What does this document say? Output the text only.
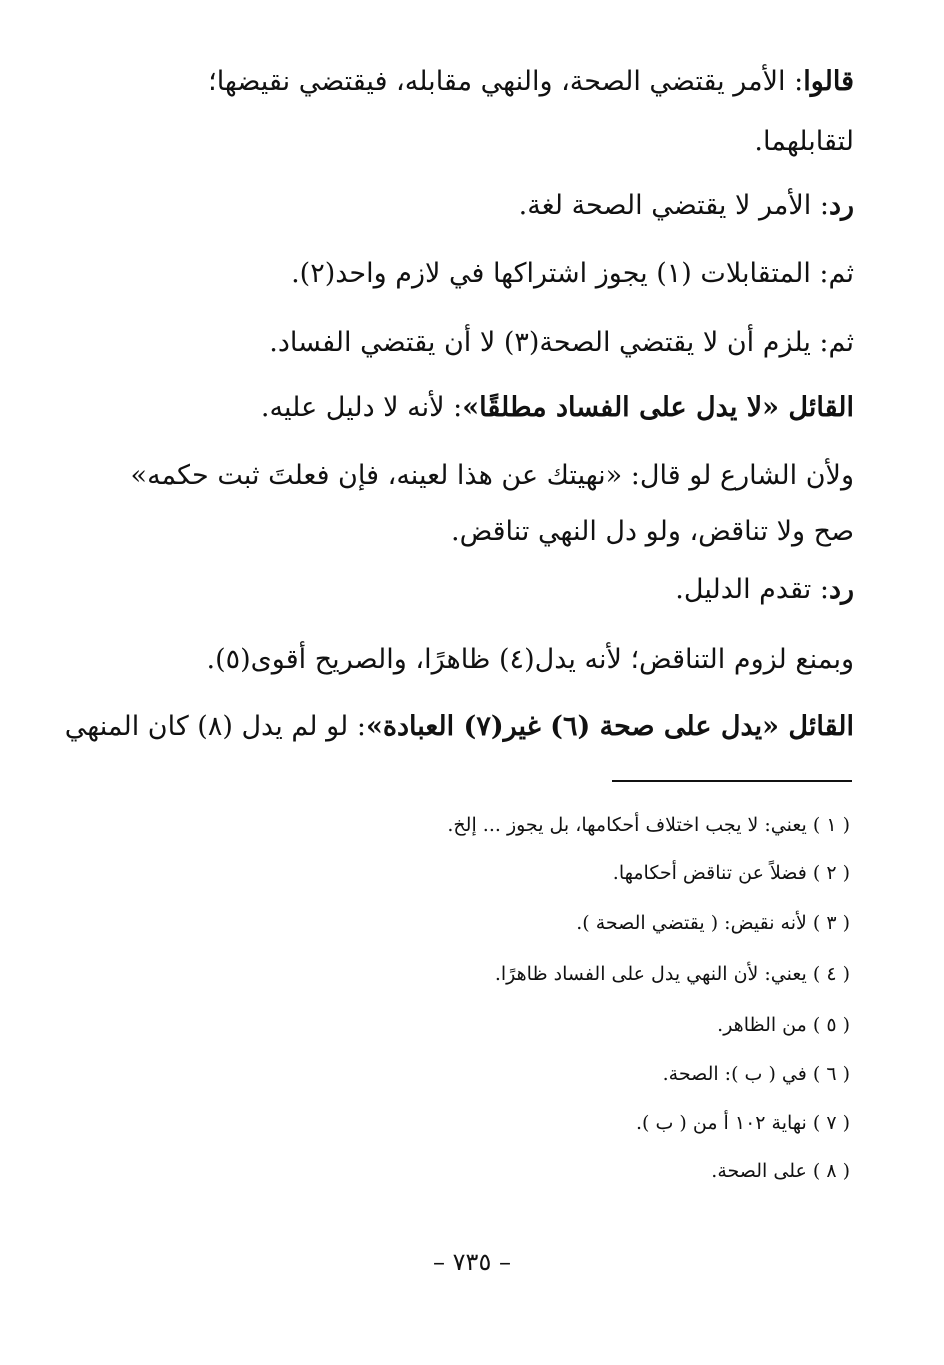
قالوا: الأمر يقتضي الصحة، والنهي مقابله، فيقتضي نقيضها؛
لتقابلهما.
رد: الأمر لا يقتضي الصحة لغة.
ثم: المتقابلات (١) يجوز اشتراكها في لازم واحد(٢).
ثم: يلزم أن لا يقتضي الصحة(٣) لا أن يقتضي الفساد.
القائل «لا يدل على الفساد مطلقًا»: لأنه لا دليل عليه.
ولأن الشارع لو قال: «نهيتك عن هذا لعينه، فإن فعلتَ ثبت حكمه»
صح ولا تناقض، ولو دل النهي تناقض.
رد: تقدم الدليل.
وبمنع لزوم التناقض؛ لأنه يدل(٤) ظاهرًا، والصريح أقوى(٥).
القائل «يدل على صحة (٦) غير(٧) العبادة»: لو لم يدل (٨) كان المنهي
( ١ ) يعني: لا يجب اختلاف أحكامها، بل يجوز ... إلخ.
( ٢ ) فضلاً عن تناقض أحكامها.
( ٣ ) لأنه نقيض: ( يقتضي الصحة ).
( ٤ ) يعني: لأن النهي يدل على الفساد ظاهرًا.
( ٥ ) من الظاهر.
( ٦ ) في ( ب ): الصحة.
( ٧ ) نهاية ١٠٢ أ من ( ب ).
( ٨ ) على الصحة.
– ٧٣٥ –
